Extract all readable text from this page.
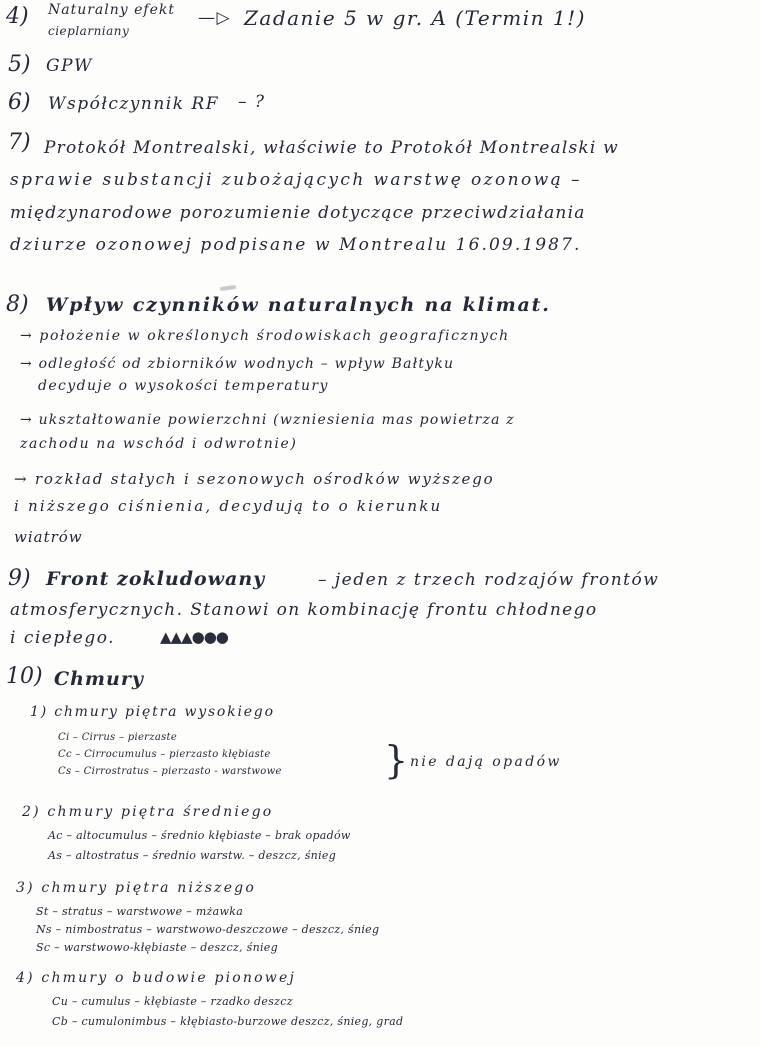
4) Naturalny efekt
cieplarniany
—▷ Zadanie 5 w gr. A (Termin 1!)
5) GPW
6) Współczynnik RF – ?
7) Protokół Montrealski, właściwie to Protokół Montrealski w
sprawie substancji zubożających warstwę ozonową –
międzynarodowe porozumienie dotyczące przeciwdziałania
dziurze ozonowej podpisane w Montrealu 16.09.1987.
8) Wpływ czynników naturalnych na klimat.
→ położenie w określonych środowiskach geograficznych
→ odległość od zbiorników wodnych – wpływ Bałtyku
decyduje o wysokości temperatury
→ ukształtowanie powierzchni (wzniesienia mas powietrza z
zachodu na wschód i odwrotnie)
→ rozkład stałych i sezonowych ośrodków wyższego
i niższego ciśnienia, decydują to o kierunku
wiatrów
9) Front zokludowany	– jeden z trzech rodzajów frontów
atmosferycznych. Stanowi on kombinację frontu chłodnego
i ciepłego.	▲▲▲●●●
10) Chmury
1) chmury piętra wysokiego
Ci – Cirrus – pierzaste
Cc – Cirrocumulus – pierzasto kłębiaste
Cs – Cirrostratus – pierzasto - warstwowe	} nie dają opadów
2) chmury piętra średniego
Ac – altocumulus – średnio kłębiaste – brak opadów
As – altostratus – średnio warstw. – deszcz, śnieg
3) chmury piętra niższego
St – stratus – warstwowe – mżawka
Ns – nimbostratus – warstwowo-deszczowe – deszcz, śnieg
Sc – warstwowo-kłębiaste – deszcz, śnieg
4) chmury o budowie pionowej
Cu – cumulus – kłębiaste – rzadko deszcz
Cb – cumulonimbus – kłębiasto-burzowe deszcz, śnieg, grad
